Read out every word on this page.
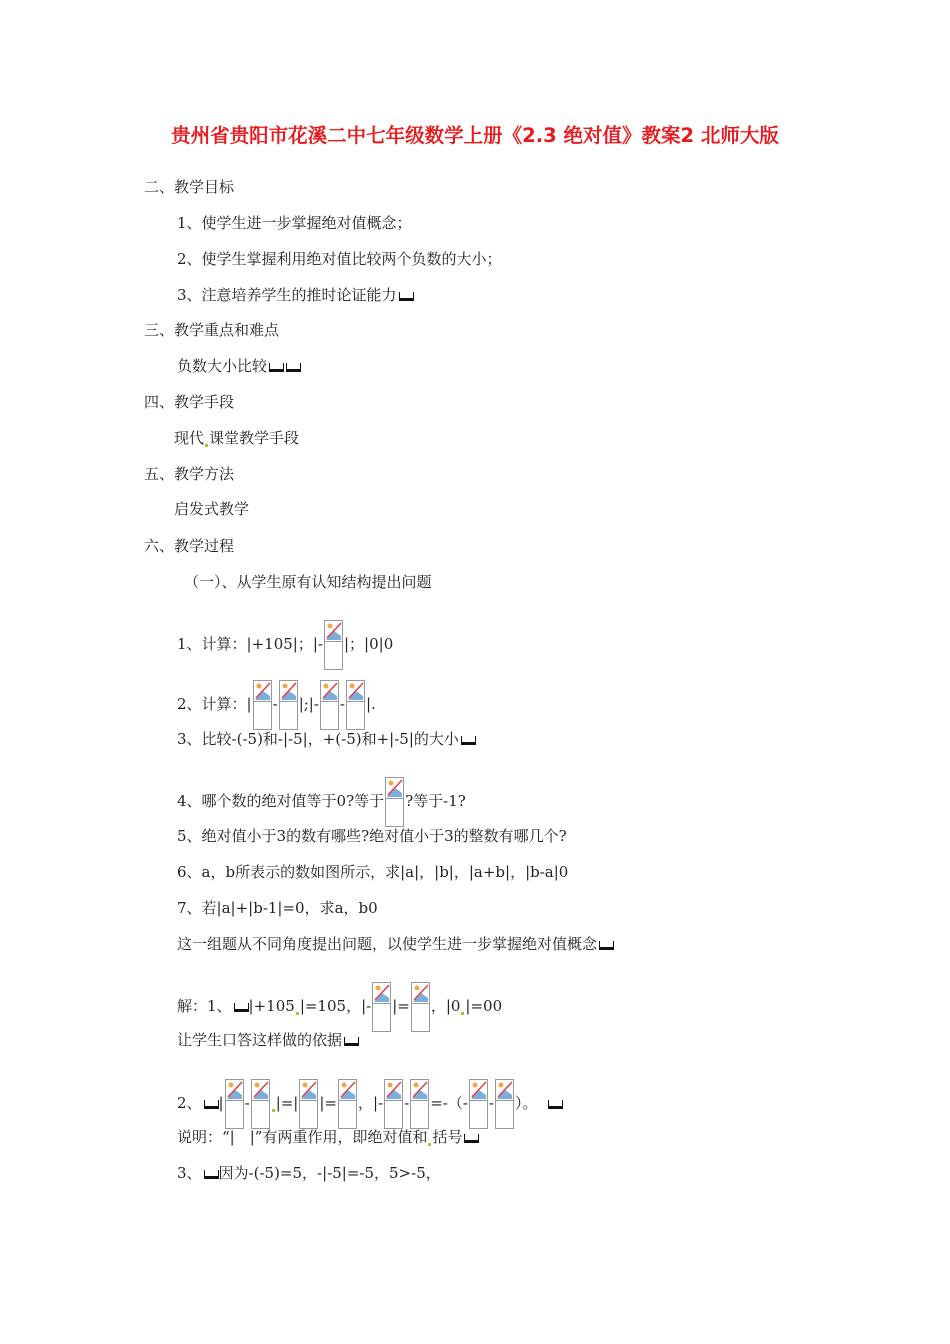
贵州省贵阳市花溪二中七年级数学上册《2.3 绝对值》教案2 北师大版
二、教学目标
1、使学生进一步掌握绝对值概念；
2、使学生掌握利用绝对值比较两个负数的大小；
3、注意培养学生的推时论证能力
三、教学重点和难点
负数大小比较
四、教学手段
现代 课堂教学手段
五、教学方法
启发式教学
六、教学过程
（一）、从学生原有认知结构提出问题
1、计算：|+105|；|- |；|0|0
2、计算：| - |;|- - |.
3、比较-(-5)和-|-5|，+(-5)和+|-5|的大小
4、哪个数的绝对值等于0?等于 ?等于-1?
5、绝对值小于3的数有哪些?绝对值小于3的整数有哪几个?
6、a，b所表示的数如图所示，求|a|，|b|，|a+b|，|b-a|0
7、若|a|+|b-1|=0，求a，b0
这一组题从不同角度提出问题，以使学生进一步掌握绝对值概念
解：1、 |+105 |=105，|- |= ，|0 |=00
让学生口答这样做的依据
2、 | - |=| |= ，|- - =-（- - ）。
说明：“|　|”有两重作用，即绝对值和 括号
3、 因为-(-5)=5，-|-5|=-5，5>-5，
